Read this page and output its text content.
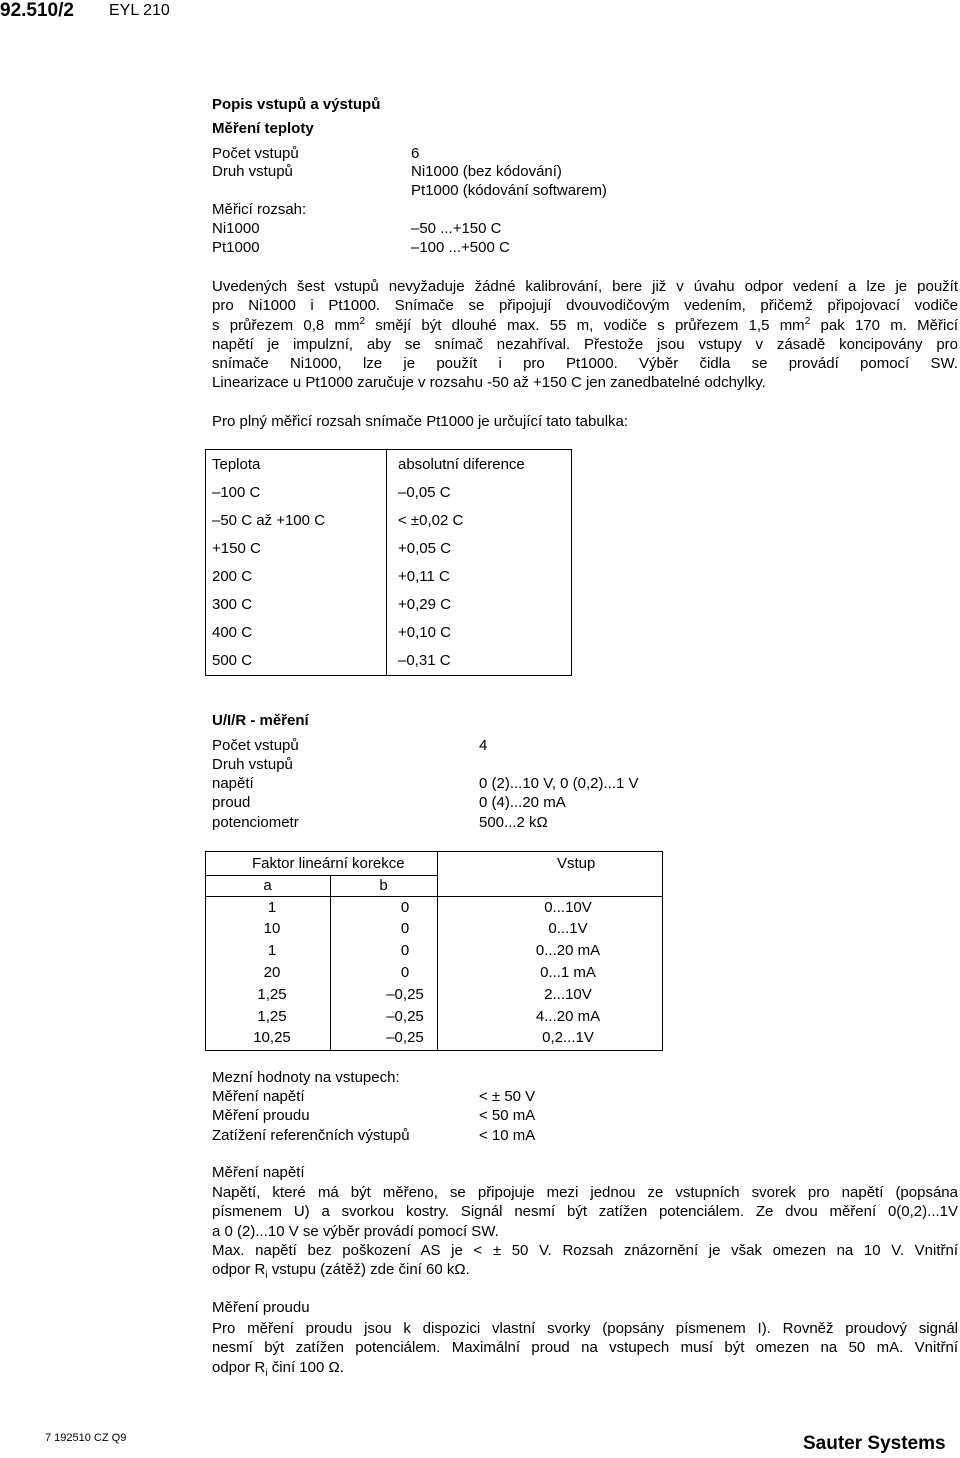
92.510/2 EYL 210
Popis vstupů a výstupů
Měření teploty
Počet vstupů	6
Druh vstupů	Ni1000 (bez kódování)
Pt1000 (kódování softwarem)
Měřicí rozsah:
Ni1000	–50 ...+150 C
Pt1000	–100 ...+500 C
Uvedených šest vstupů nevyžaduje žádné kalibrování, bere již v úvahu odpor vedení a lze je použít
pro Ni1000 i Pt1000. Snímače se připojují dvouvodičovým vedením, přičemž připojovací vodiče
s průřezem 0,8 $mm^2$ smějí být dlouhé max. 55 m, vodiče s průřezem 1,5 $mm^2$ pak 170 m. Měřicí
napětí je impulzní, aby se snímač nezahříval. Přestože jsou vstupy v zásadě koncipovány pro
snímače Ni1000, lze je použít i pro Pt1000. Výběr čidla se provádí pomocí SW.
Linearizace u Pt1000 zaručuje v rozsahu -50 až +150 C jen zanedbatelné odchylky.
Pro plný měřicí rozsah snímače Pt1000 je určující tato tabulka:
Teplota	absolutní diference
–100 C	–0,05 C
–50 C až +100 C	< ±0,02 C
+150 C	+0,05 C
200 C	+0,11 C
300 C	+0,29 C
400 C	+0,10 C
500 C	–0,31 C
U/I/R - měření
Počet vstupů	4
Druh vstupů
napětí	0 (2)...10 V, 0 (0,2)...1 V
proud	0 (4)...20 mA
potenciometr	500...2 kΩ
Faktor lineární korekce	Vstup
a	b
1	0	0...10V
10	0	0...1V
1	0	0...20 mA
20	0	0...1 mA
1,25	–0,25	2...10V
1,25	–0,25	4...20 mA
10,25	–0,25	0,2...1V
Mezní hodnoty na vstupech:
Měření napětí	< ± 50 V
Měření proudu	< 50 mA
Zatížení referenčních výstupů	< 10 mA
Měření napětí
Napětí, které má být měřeno, se připojuje mezi jednou ze vstupních svorek pro napětí (popsána
písmenem U) a svorkou kostry. Signál nesmí být zatížen potenciálem. Ze dvou měření 0(0,2)...1V
a 0 (2)...10 V se výběr provádí pomocí SW.
Max. napětí bez poškození AS je < ± 50 V. Rozsah znázornění je však omezen na 10 V. Vnitřní
odpor $R_i$ vstupu (zátěž) zde činí 60 kΩ.
Měření proudu
Pro měření proudu jsou k dispozici vlastní svorky (popsány písmenem I). Rovněž proudový signál
nesmí být zatížen potenciálem. Maximální proud na vstupech musí být omezen na 50 mA. Vnitřní
odpor $R_i$ činí 100 Ω.
7 192510 CZ Q9	Sauter Systems
